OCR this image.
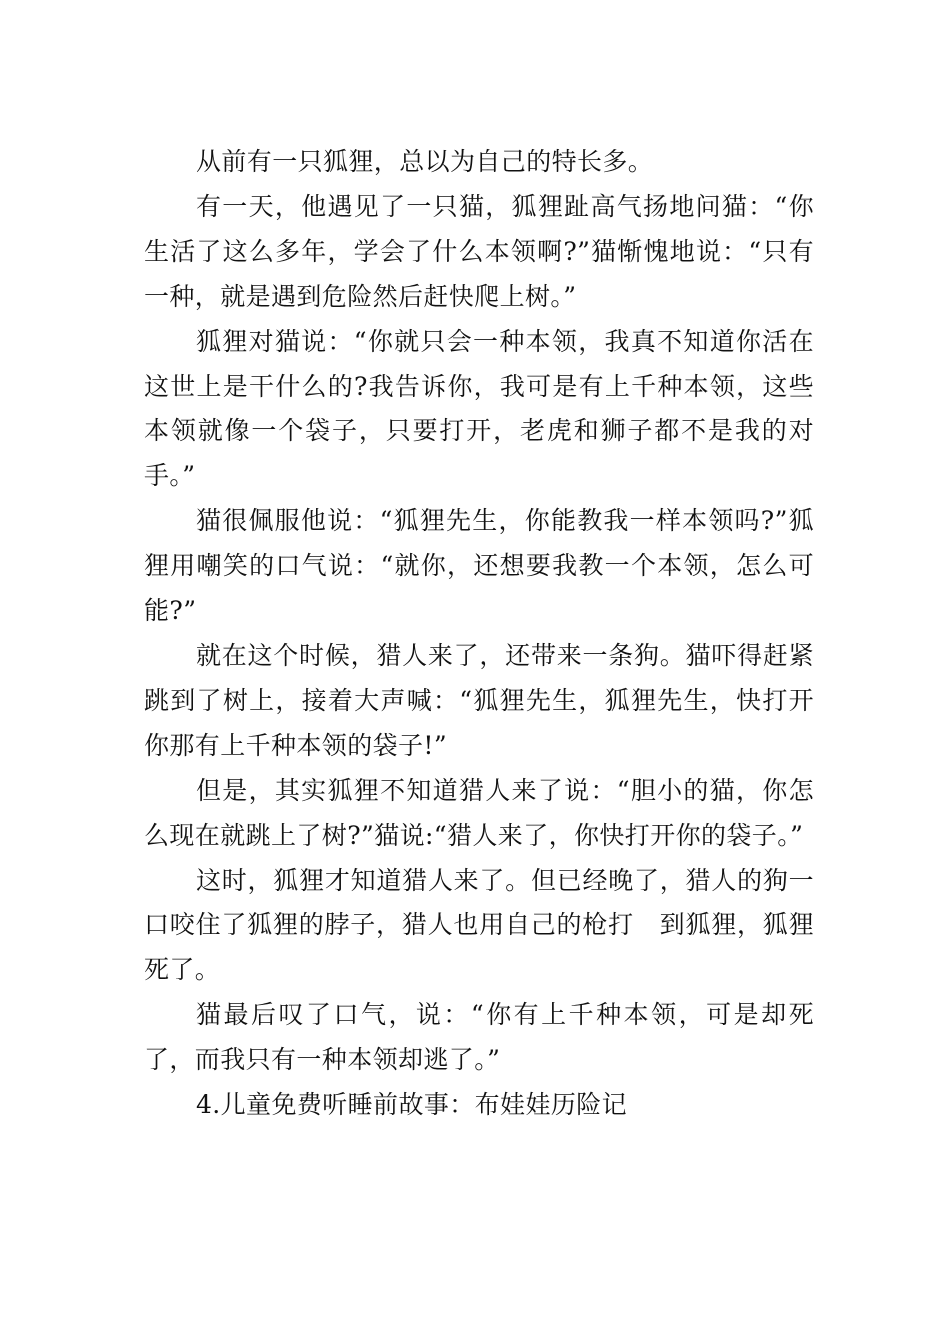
从前有一只狐狸，总以为自己的特长多。

有一天，他遇见了一只猫，狐狸趾高气扬地问猫：“你生活了这么多年，学会了什么本领啊?”猫惭愧地说：“只有一种，就是遇到危险然后赶快爬上树。”

狐狸对猫说：“你就只会一种本领，我真不知道你活在这世上是干什么的?我告诉你，我可是有上千种本领，这些本领就像一个袋子，只要打开，老虎和狮子都不是我的对手。”

猫很佩服他说：“狐狸先生，你能教我一样本领吗?”狐狸用嘲笑的口气说：“就你，还想要我教一个本领，怎么可能?”

就在这个时候，猎人来了，还带来一条狗。猫吓得赶紧跳到了树上，接着大声喊：“狐狸先生，狐狸先生，快打开你那有上千种本领的袋子!”

但是，其实狐狸不知道猎人来了说：“胆小的猫，你怎么现在就跳上了树?”猫说:“猎人来了，你快打开你的袋子。”

这时，狐狸才知道猎人来了。但已经晚了，猎人的狗一口咬住了狐狸的脖子，猎人也用自己的枪打　到狐狸，狐狸死了。

猫最后叹了口气，说：“你有上千种本领，可是却死了，而我只有一种本领却逃了。”

4.儿童免费听睡前故事：布娃娃历险记
